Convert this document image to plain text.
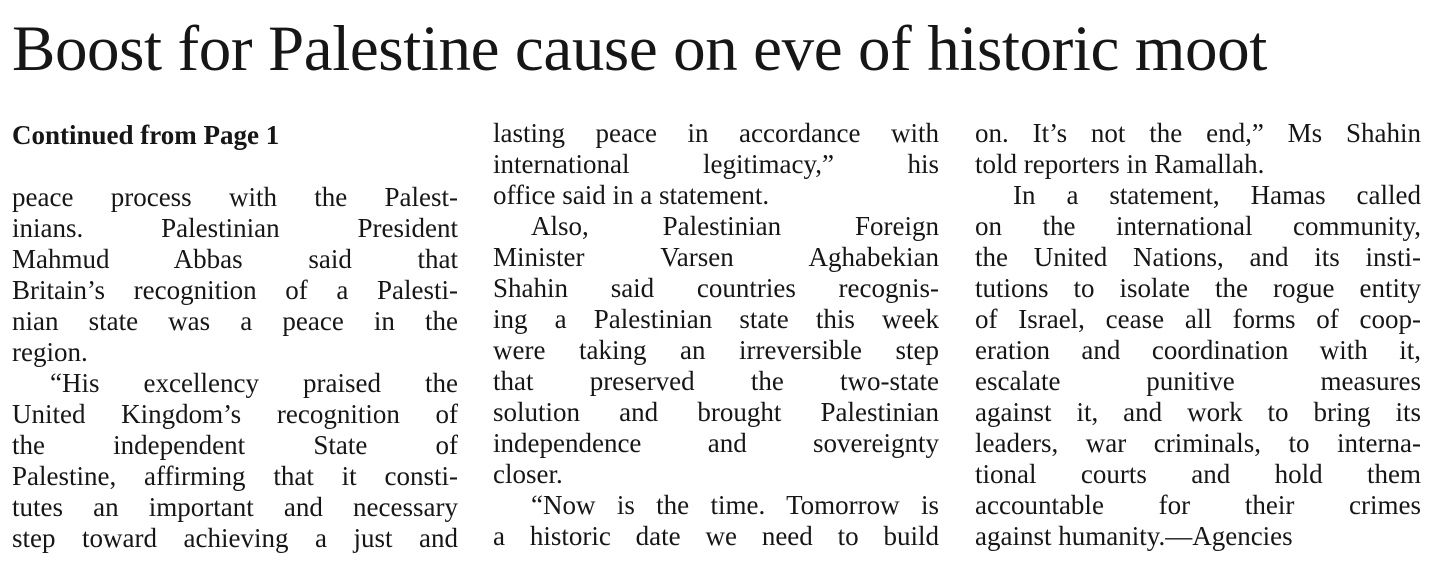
Boost for Palestine cause on eve of historic moot
Continued from Page 1
peace process with the Palest-
inians. Palestinian President
Mahmud Abbas said that
Britain’s recognition of a Palesti-
nian state was a peace in the
region.
“His excellency praised the
United Kingdom’s recognition of
the independent State of
Palestine, affirming that it consti-
tutes an important and necessary
step toward achieving a just and
lasting peace in accordance with
international legitimacy,” his
office said in a statement.
Also, Palestinian Foreign
Minister Varsen Aghabekian
Shahin said countries recognis-
ing a Palestinian state this week
were taking an irreversible step
that preserved the two-state
solution and brought Palestinian
independence and sovereignty
closer.
“Now is the time. Tomorrow is
a historic date we need to build
on. It’s not the end,” Ms Shahin
told reporters in Ramallah.
In a statement, Hamas called
on the international community,
the United Nations, and its insti-
tutions to isolate the rogue entity
of Israel, cease all forms of coop-
eration and coordination with it,
escalate punitive measures
against it, and work to bring its
leaders, war criminals, to interna-
tional courts and hold them
accountable for their crimes
against humanity.—Agencies
